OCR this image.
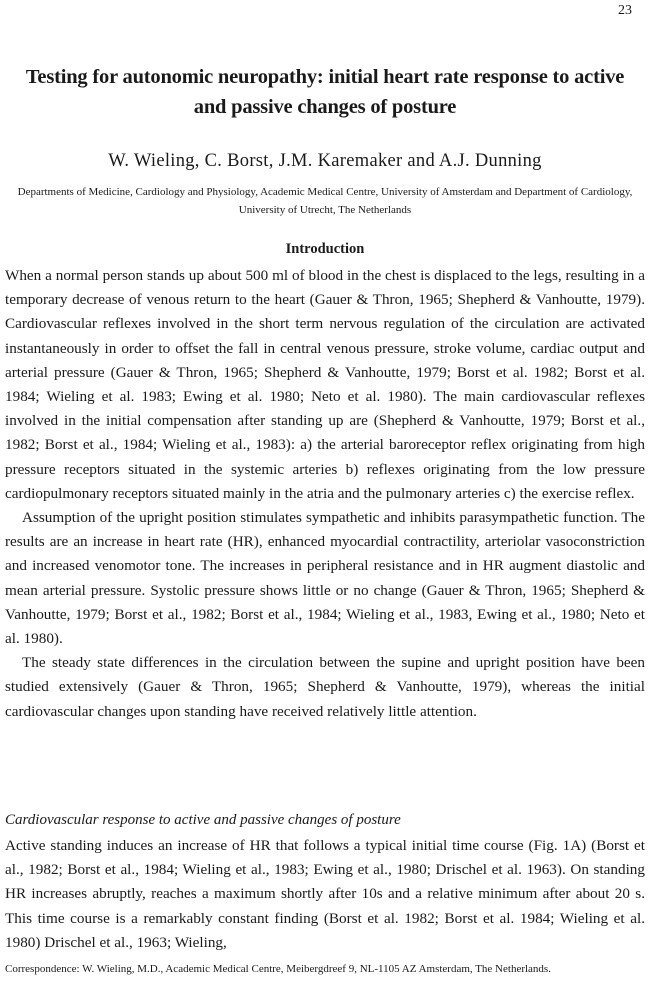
23
Testing for autonomic neuropathy: initial heart rate response to active and passive changes of posture
W. Wieling, C. Borst, J.M. Karemaker and A.J. Dunning
Departments of Medicine, Cardiology and Physiology, Academic Medical Centre, University of Amsterdam and Department of Cardiology, University of Utrecht, The Netherlands
Introduction

When a normal person stands up about 500 ml of blood in the chest is displaced to the legs, resulting in a temporary decrease of venous return to the heart (Gauer & Thron, 1965; Shepherd & Vanhoutte, 1979). Cardiovascular reflexes involved in the short term nervous regulation of the circulation are activated instantaneously in order to offset the fall in central venous pressure, stroke volume, cardiac output and arterial pressure (Gauer & Thron, 1965; Shepherd & Vanhoutte, 1979; Borst et al. 1982; Borst et al. 1984; Wieling et al. 1983; Ewing et al. 1980; Neto et al. 1980). The main cardiovascular reflexes involved in the initial compensation after standing up are (Shepherd & Vanhoutte, 1979; Borst et al., 1982; Borst et al., 1984; Wieling et al., 1983): a) the arterial baroreceptor reflex originating from high pressure receptors situated in the systemic arteries b) reflexes originating from the low pressure cardiopulmonary receptors situated mainly in the atria and the pulmonary arteries c) the exercise reflex.

Assumption of the upright position stimulates sympathetic and inhibits parasympathetic function. The results are an increase in heart rate (HR), enhanced myocardial contractility, arteriolar vasoconstriction and increased venomotor tone. The increases in peripheral resistance and in HR augment diastolic and mean arterial pressure. Systolic pressure shows little or no change (Gauer & Thron, 1965; Shepherd & Vanhoutte, 1979; Borst et al., 1982; Borst et al., 1984; Wieling et al., 1983, Ewing et al., 1980; Neto et al. 1980).

The steady state differences in the circulation between the supine and upright position have been studied extensively (Gauer & Thron, 1965; Shepherd & Vanhoutte, 1979), whereas the initial cardiovascular changes upon standing have received relatively little attention.

Cardiovascular response to active and passive changes of posture

Active standing induces an increase of HR that follows a typical initial time course (Fig. 1A) (Borst et al., 1982; Borst et al., 1984; Wieling et al., 1983; Ewing et al., 1980; Drischel et al. 1963). On standing HR increases abruptly, reaches a maximum shortly after 10s and a relative minimum after about 20 s. This time course is a remarkably constant finding (Borst et al. 1982; Borst et al. 1984; Wieling et al. 1980) Drischel et al., 1963; Wieling,

Correspondence: W. Wieling, M.D., Academic Medical Centre, Meibergdreef 9, NL-1105 AZ Amsterdam, The Netherlands.
